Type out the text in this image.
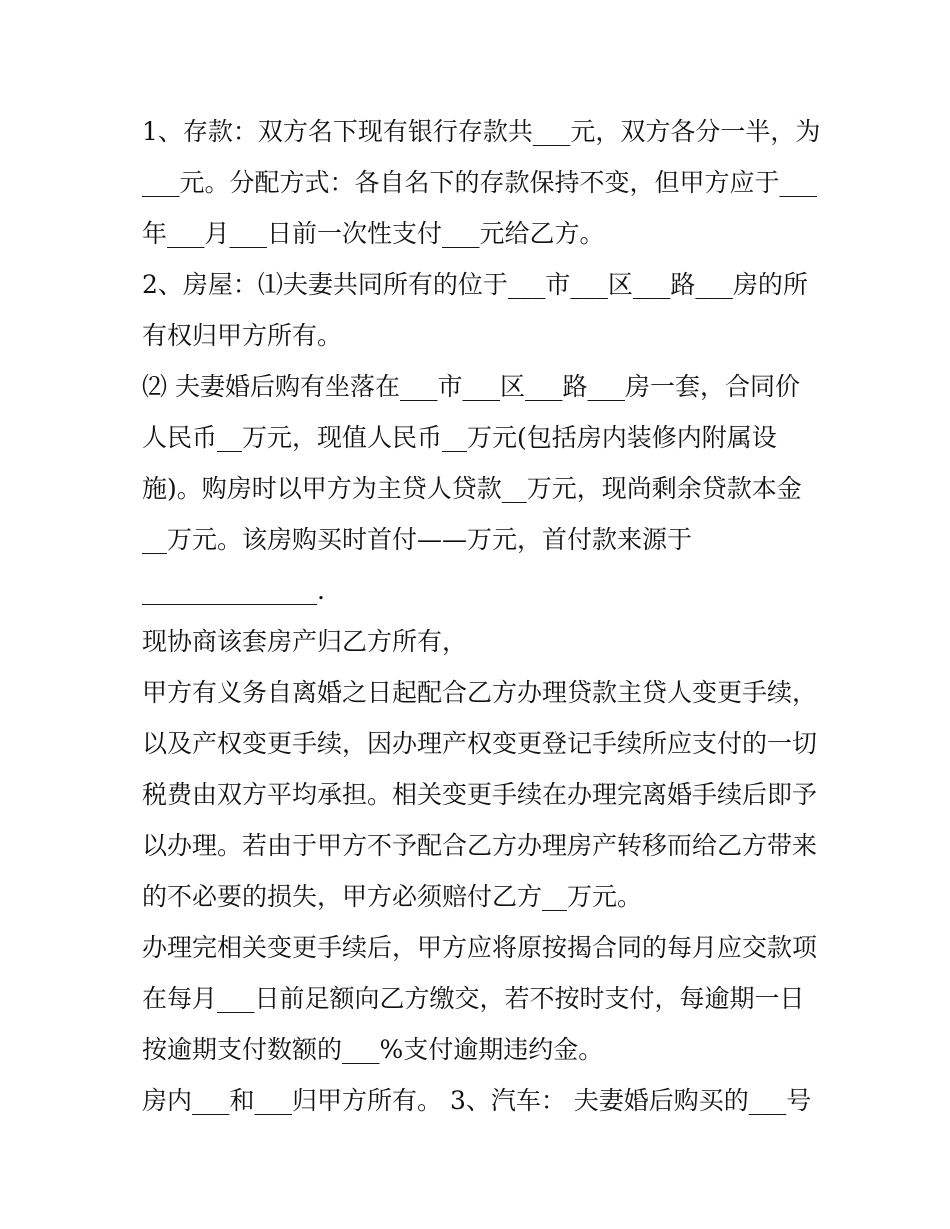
1、存款：双方名下现有银行存款共___元，双方各分一半，为

___元。分配方式：各自名下的存款保持不变，但甲方应于___

年___月___日前一次性支付___元给乙方。

2、房屋：⑴夫妻共同所有的位于___市___区___路___房的所

有权归甲方所有。

⑵ 夫妻婚后购有坐落在___市___区___路___房一套，合同价

人民币__万元，现值人民币__万元(包括房内装修内附属设

施)。购房时以甲方为主贷人贷款__万元，现尚剩余贷款本金

__万元。该房购买时首付——万元，首付款来源于

______________.

现协商该套房产归乙方所有，

甲方有义务自离婚之日起配合乙方办理贷款主贷人变更手续，

以及产权变更手续，因办理产权变更登记手续所应支付的一切

税费由双方平均承担。相关变更手续在办理完离婚手续后即予

以办理。若由于甲方不予配合乙方办理房产转移而给乙方带来

的不必要的损失，甲方必须赔付乙方__万元。

办理完相关变更手续后，甲方应将原按揭合同的每月应交款项

在每月___日前足额向乙方缴交，若不按时支付，每逾期一日

按逾期支付数额的___%支付逾期违约金。

房内___和___归甲方所有。 3、汽车： 夫妻婚后购买的___号
